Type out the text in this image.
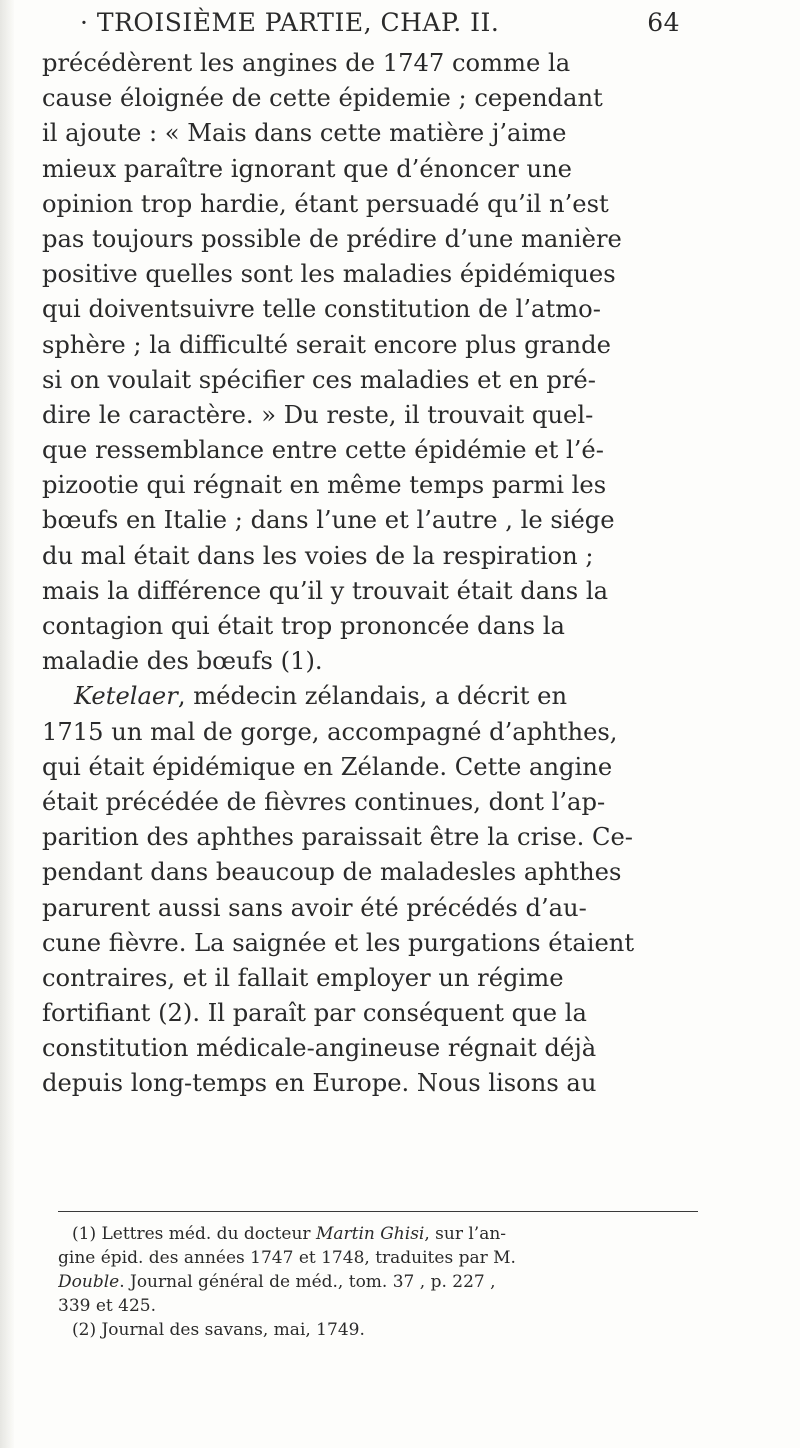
· TROISIÈME PARTIE, CHAP. II.	64
précédèrent les angines de 1747 comme la
cause éloignée de cette épidemie ; cependant
il ajoute : « Mais dans cette matière j’aime
mieux paraître ignorant que d’énoncer une
opinion trop hardie, étant persuadé qu’il n’est
pas toujours possible de prédire d’une manière
positive quelles sont les maladies épidémiques
qui doiventsuivre telle constitution de l’atmo-
sphère ; la difficulté serait encore plus grande
si on voulait spécifier ces maladies et en pré-
dire le caractère. » Du reste, il trouvait quel-
que ressemblance entre cette épidémie et l’é-
pizootie qui régnait en même temps parmi les
bœufs en Italie ; dans l’une et l’autre , le siége
du mal était dans les voies de la respiration ;
mais la différence qu’il y trouvait était dans la
contagion qui était trop prononcée dans la
maladie des bœufs (1).
Ketelaer, médecin zélandais, a décrit en
1715 un mal de gorge, accompagné d’aphthes,
qui était épidémique en Zélande. Cette angine
était précédée de fièvres continues, dont l’ap-
parition des aphthes paraissait être la crise. Ce-
pendant dans beaucoup de maladesles aphthes
parurent aussi sans avoir été précédés d’au-
cune fièvre. La saignée et les purgations étaient
contraires, et il fallait employer un régime
fortifiant (2). Il paraît par conséquent que la
constitution médicale-angineuse régnait déjà
depuis long-temps en Europe. Nous lisons au
(1) Lettres méd. du docteur Martin Ghisi, sur l’an-
gine épid. des années 1747 et 1748, traduites par M.
Double. Journal général de méd., tom. 37 , p. 227 ,
339 et 425.
(2) Journal des savans, mai, 1749.
